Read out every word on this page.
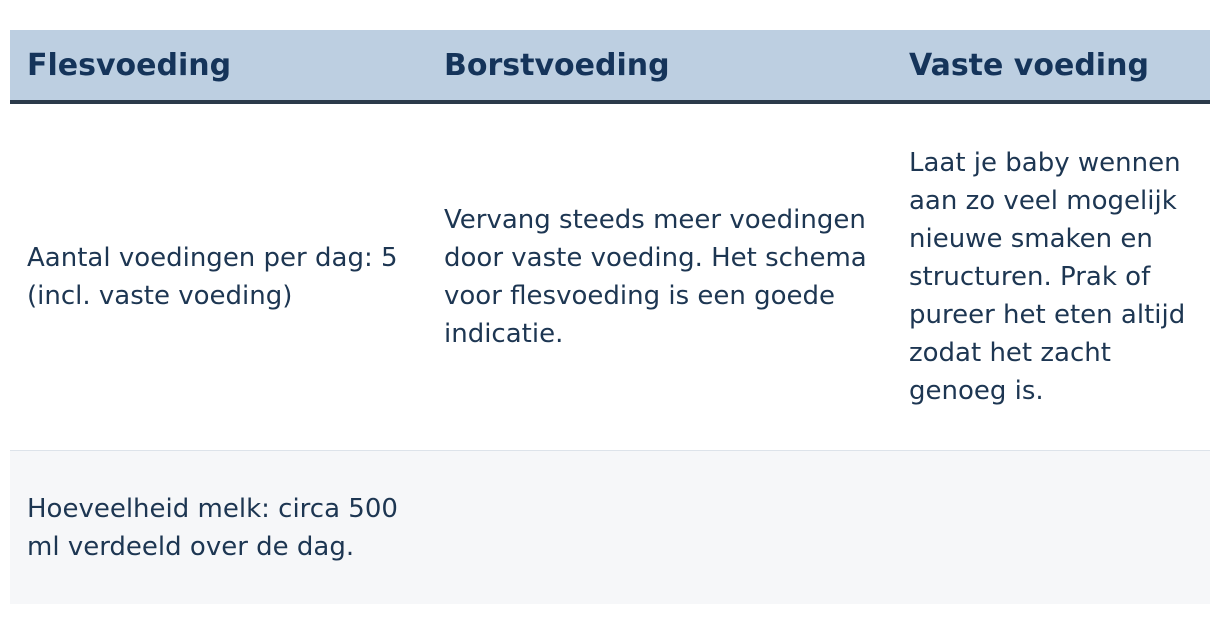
Flesvoeding	Borstvoeding	Vaste voeding
Aantal voedingen per dag: 5 (incl. vaste voeding)	Vervang steeds meer voedingen door vaste voeding. Het schema voor flesvoeding is een goede indicatie.	Laat je baby wennen aan zo veel mogelijk nieuwe smaken en structuren. Prak of pureer het eten altijd zodat het zacht genoeg is.
Hoeveelheid melk: circa 500 ml verdeeld over de dag.		
